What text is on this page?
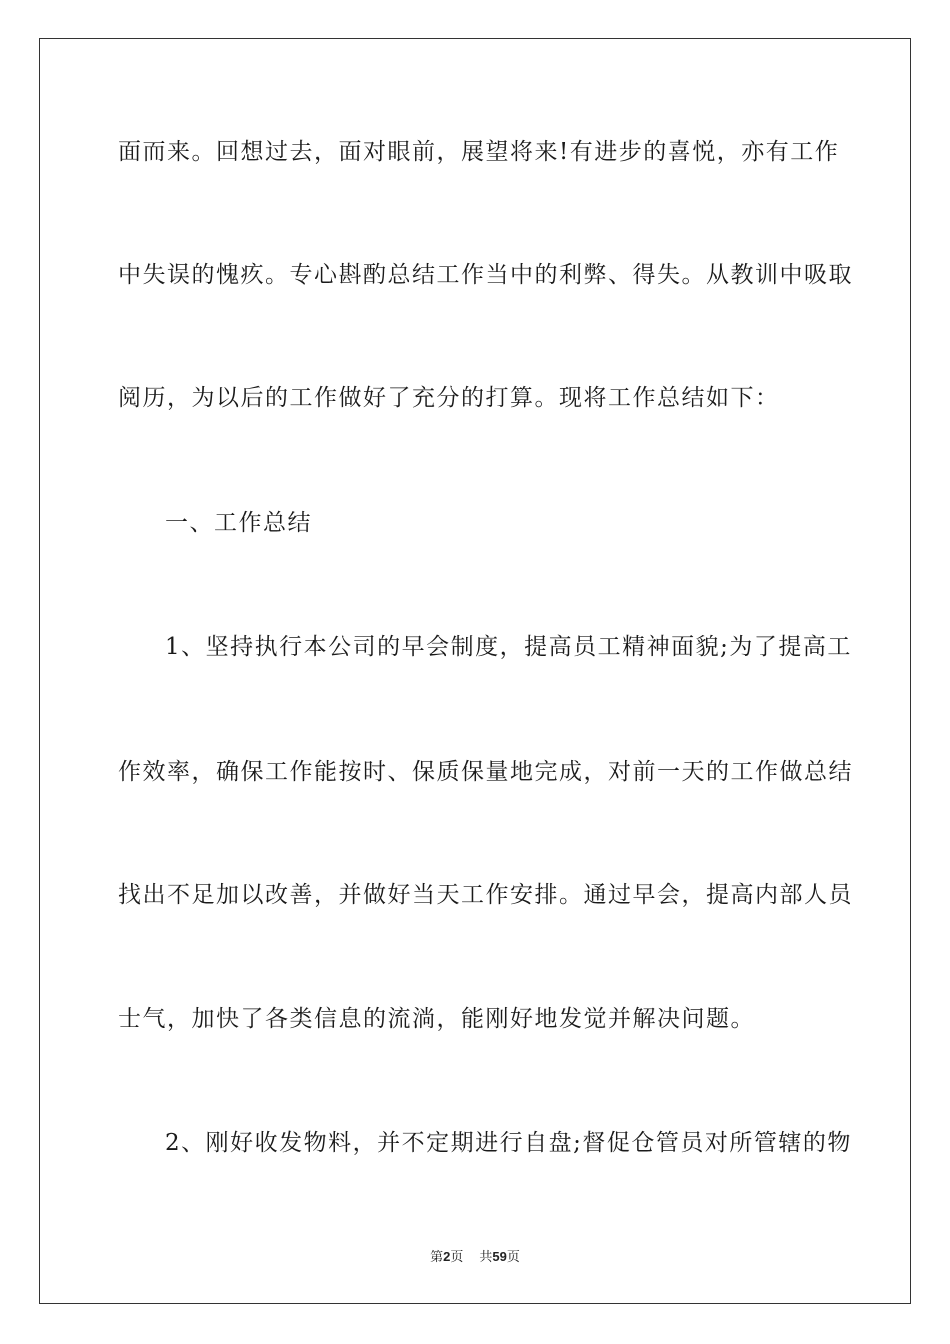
面而来。回想过去，面对眼前，展望将来!有进步的喜悦，亦有工作
中失误的愧疚。专心斟酌总结工作当中的利弊、得失。从教训中吸取
阅历，为以后的工作做好了充分的打算。现将工作总结如下：
一、工作总结
1、坚持执行本公司的早会制度，提高员工精神面貌;为了提高工
作效率，确保工作能按时、保质保量地完成，对前一天的工作做总结
找出不足加以改善，并做好当天工作安排。通过早会，提高内部人员
士气，加快了各类信息的流淌，能刚好地发觉并解决问题。
2、刚好收发物料，并不定期进行自盘;督促仓管员对所管辖的物
第2页 共59页
